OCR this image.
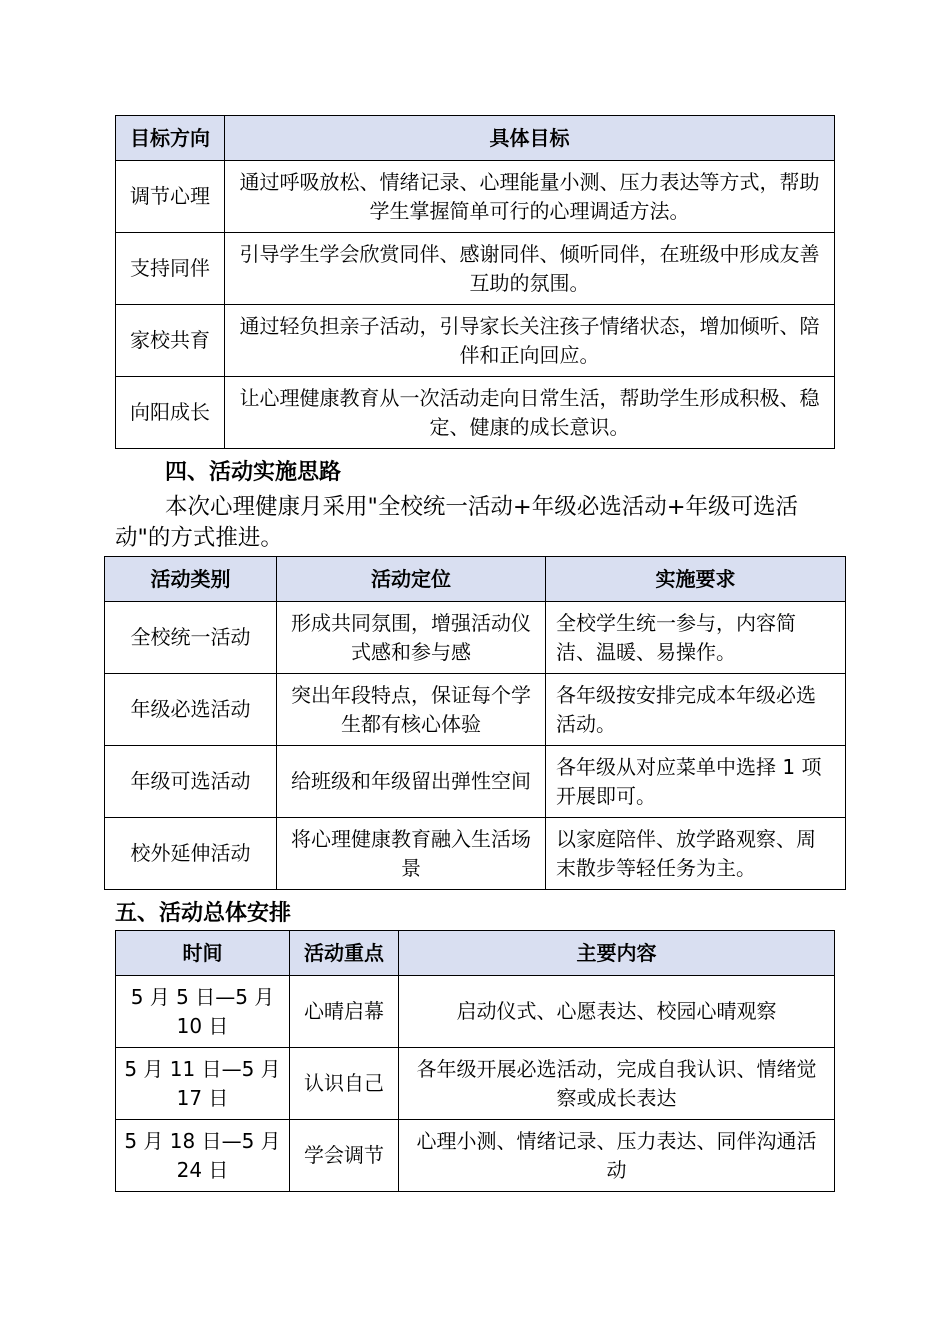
目标方向	具体目标
调节心理	通过呼吸放松、情绪记录、心理能量小测、压力表达等方式，帮助学生掌握简单可行的心理调适方法。
支持同伴	引导学生学会欣赏同伴、感谢同伴、倾听同伴，在班级中形成友善互助的氛围。
家校共育	通过轻负担亲子活动，引导家长关注孩子情绪状态，增加倾听、陪伴和正向回应。
向阳成长	让心理健康教育从一次活动走向日常生活，帮助学生形成积极、稳定、健康的成长意识。
四、活动实施思路

本次心理健康月采用"全校统一活动+年级必选活动+年级可选活动"的方式推进。

活动类别	活动定位	实施要求
全校统一活动	形成共同氛围，增强活动仪式感和参与感	全校学生统一参与，内容简洁、温暖、易操作。
年级必选活动	突出年段特点，保证每个学生都有核心体验	各年级按安排完成本年级必选活动。
年级可选活动	给班级和年级留出弹性空间	各年级从对应菜单中选择 1 项开展即可。
校外延伸活动	将心理健康教育融入生活场景	以家庭陪伴、放学路观察、周末散步等轻任务为主。
五、活动总体安排
时间	活动重点	主要内容
5 月 5 日—5 月 10 日	心晴启幕	启动仪式、心愿表达、校园心晴观察
5 月 11 日—5 月 17 日	认识自己	各年级开展必选活动，完成自我认识、情绪觉察或成长表达
5 月 18 日—5 月 24 日	学会调节	心理小测、情绪记录、压力表达、同伴沟通活动
